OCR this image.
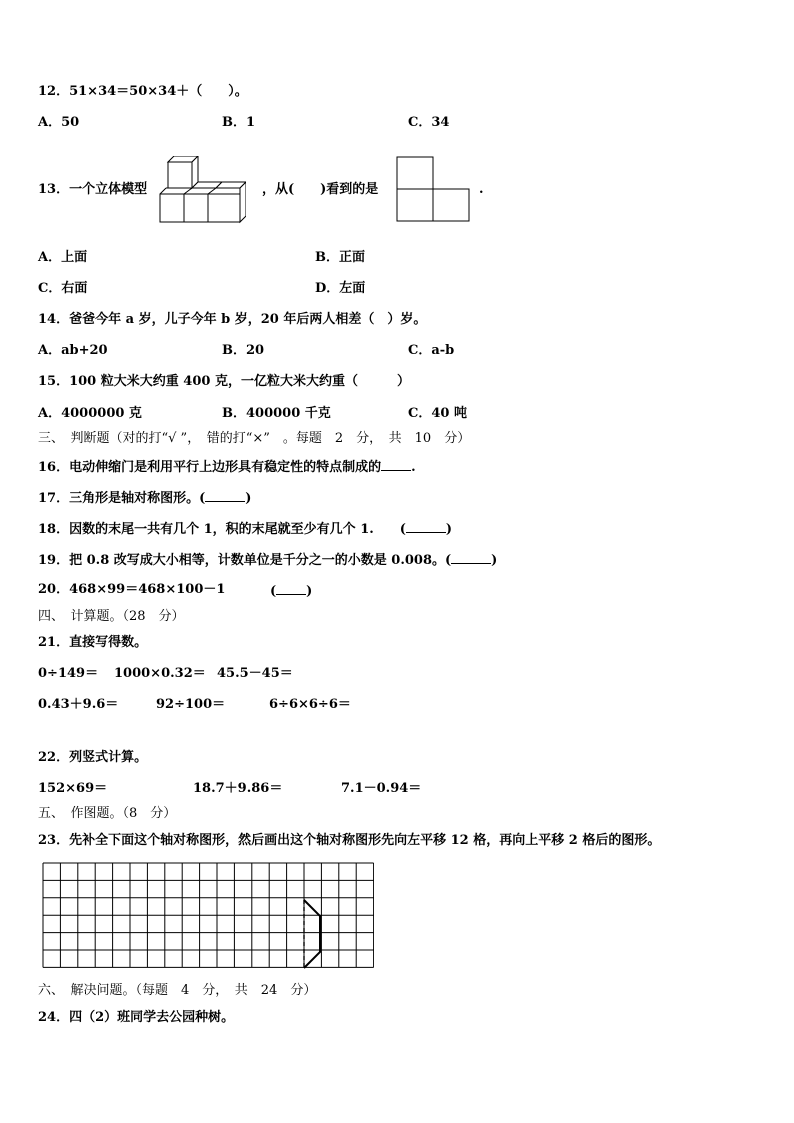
12．51×34＝50×34＋（　　）。
A．50	B．1	C．34
13．一个立体模型	，从(　　)看到的是	.
A．上面	B．正面
C．右面	D．左面
14．爸爸今年 a 岁，儿子今年 b 岁，20 年后两人相差（　）岁。
A．ab+20	B．20	C．a-b
15．100 粒大米大约重 400 克，一亿粒大米大约重（　　　）
A．4000000 克	B．400000 千克	C．40 吨
三、　判断题（对的打“√ ”，　错的打“×”　。每题　2　分，　共　10　分）
16．电动伸缩门是利用平行上边形具有稳定性的特点制成的 .
17．三角形是轴对称图形。(	)
18．因数的末尾一共有几个 1，积的末尾就至少有几个 1.　　(	)
19．把 0.8 改写成大小相等，计数单位是千分之一的小数是 0.008。(	)
20．468×99＝468×100－1	( )
四、　计算题。（28　分）
21．直接写得数。
0÷149＝ 1000×0.32＝ 45.5－45＝
0.43＋9.6＝	92÷100＝	6÷6×6÷6＝
22．列竖式计算。
152×69＝	18.7＋9.86＝	7.1－0.94＝
五、　作图题。（8　分）
23．先补全下面这个轴对称图形，然后画出这个轴对称图形先向左平移 12 格，再向上平移 2 格后的图形。
六、　解决问题。（每题　4　分，　共　24　分）
24．四（2）班同学去公园种树。
